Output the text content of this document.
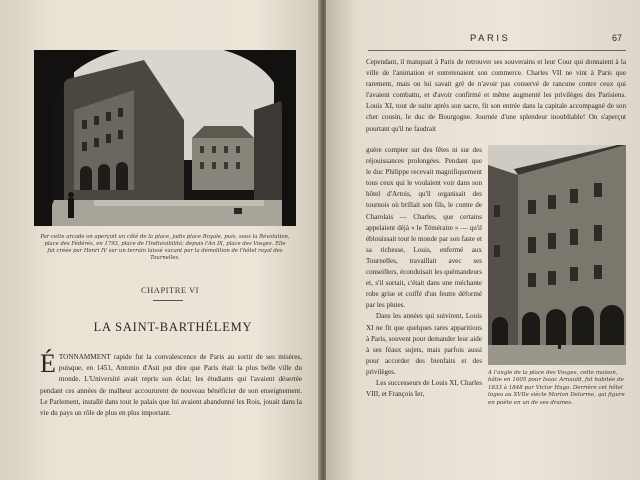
Par cette arcade on aperçoit un côté de la place, jadis place Royale, puis, sous la Révolution, place des Fédérés, en 1793, place de l'Indivisibilité; depuis l'An IX, place des Vosges. Elle fut créée par Henri IV sur un terrain laissé vacant par la démolition de l'hôtel royal des Tournelles.
CHAPITRE VI
LA SAINT-BARTHÉLEMY

ÉTONNAMMENT rapide fut la convalescence de Paris au sortir de ses misères, puisque, en 1451, Antonio d'Asti put dire que Paris était la plus belle ville du monde. L'Université avait repris son éclat; les étudiants qui l'avaient désertée pendant ces années de malheur accoururent de nouveau bénéficier de son enseignement. Le Parlement, installé dans tout le palais que lui avaient abandonné les Rois, jouait dans la vie du pays un rôle de plus en plus important.

PARIS	67

Cependant, il manquait à Paris de retrouver ses souverains et leur Cour qui donnaient à la ville de l'animation et entretenaient son commerce. Charles VII ne vint à Paris que rarement, mais on lui savait gré de n'avoir pas conservé de rancune contre ceux qui l'avaient combattu, et d'avoir confirmé et même augmenté les privilèges des Parisiens. Louis XI, tout de suite après son sacre, fit son entrée dans la capitale accompagné de son cher cousin, le duc de Bourgogne. Journée d'une splendeur inoubliable! On s'aperçut pourtant qu'il ne faudrait

guère compter sur des fêtes ni sur des réjouissances prolongées. Pendant que le duc Philippe recevait magnifiquement tous ceux qui le voulaient voir dans son hôtel d'Artois, qu'il organisait des tournois où brillait son fils, le comte de Charolais — Charles, que certains appelaient déjà « le Téméraire » — qu'il éblouissait tout le monde par son faste et sa richesse, Louis, enfermé aux Tournelles, travaillait avec ses conseillers, éconduisait les quémandeurs et, s'il sortait, c'était dans une méchante robe grise et coiffé d'un feutre déformé par les pluies.

Dans les années qui suivirent, Louis XI ne fit que quelques rares apparitions à Paris, souvent pour demander leur aide à ses féaux sujets, mais parfois aussi pour accorder des bienfaits et des privilèges.

Les successeurs de Louis XI, Charles VIII, et François Ier,

A l'angle de la place des Vosges, cette maison, bâtie en 1605 pour Isaac Arnauld, fut habitée de 1833 à 1848 par Victor Hugo. Derrière cet hôtel logea au XVIIe siècle Marion Delorme, qui figure en poète en un de ses drames.
